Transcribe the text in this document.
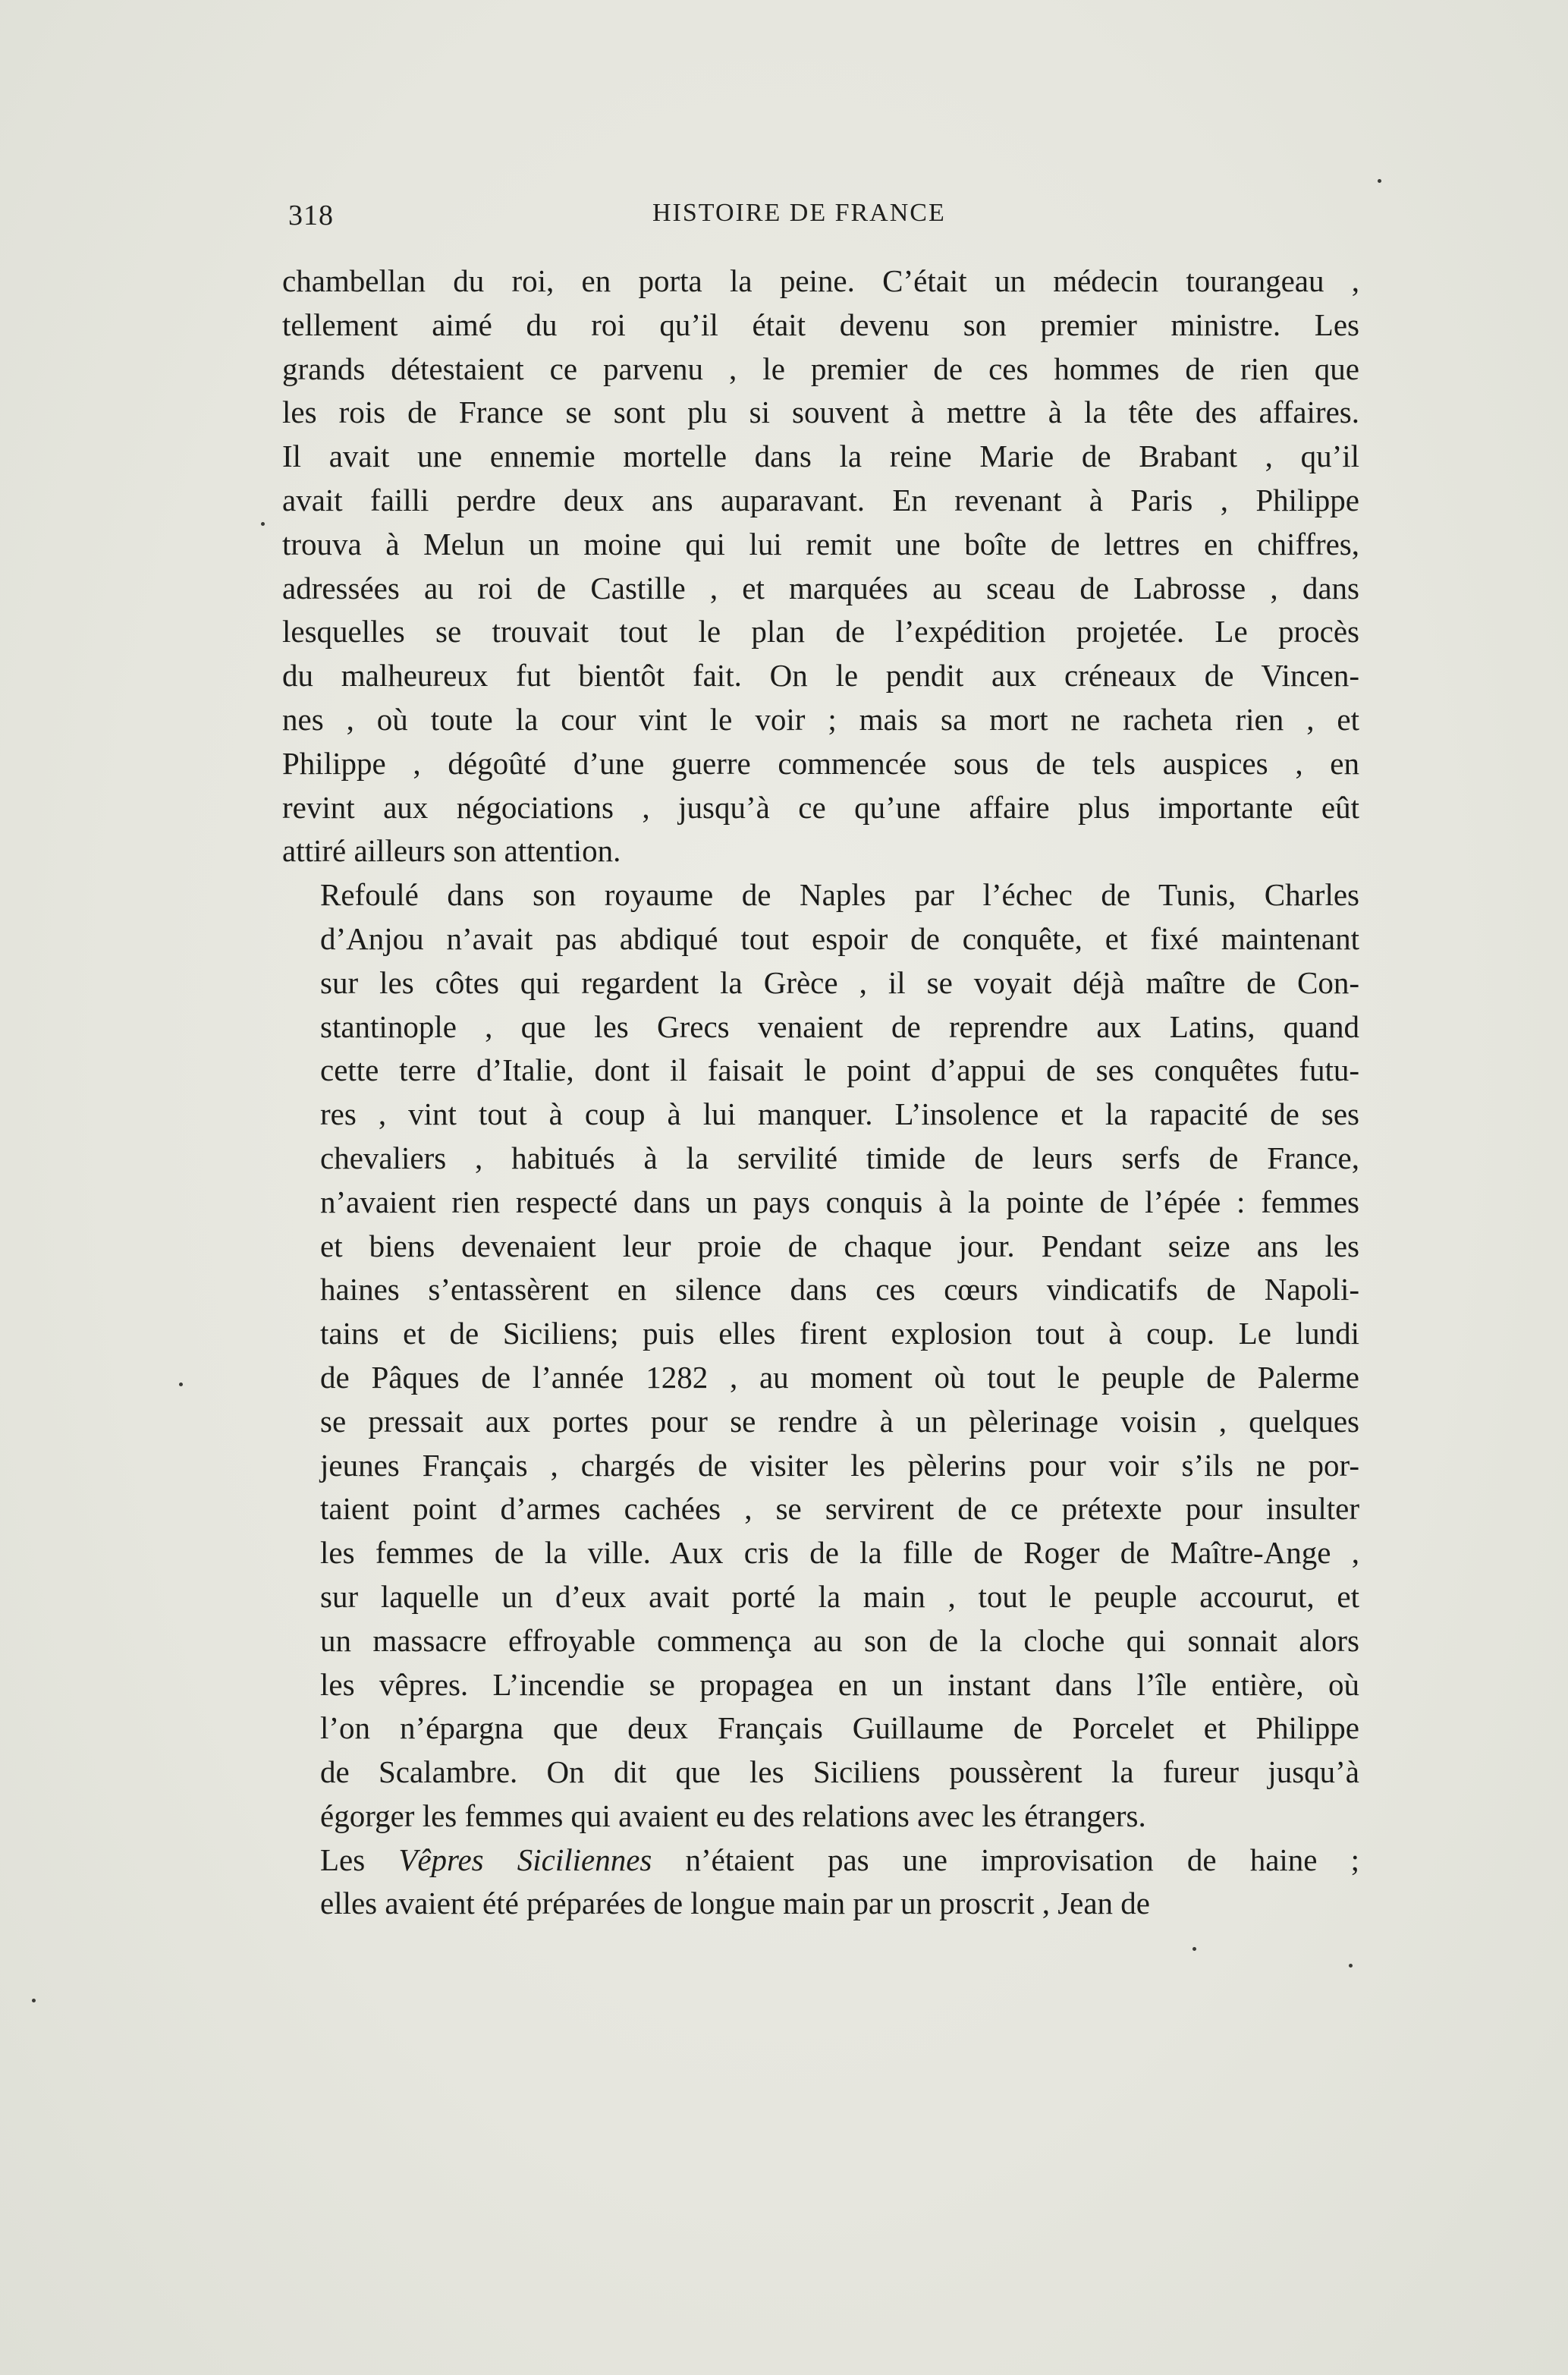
318	HISTOIRE DE FRANCE
chambellan du roi, en porta la peine. C’était un médecin tourangeau ,
tellement aimé du roi qu’il était devenu son premier ministre. Les
grands détestaient ce parvenu , le premier de ces hommes de rien que
les rois de France se sont plu si souvent à mettre à la tête des affaires.
Il avait une ennemie mortelle dans la reine Marie de Brabant , qu’il
avait failli perdre deux ans auparavant. En revenant à Paris , Philippe
trouva à Melun un moine qui lui remit une boîte de lettres en chiffres,
adressées au roi de Castille , et marquées au sceau de Labrosse , dans
lesquelles se trouvait tout le plan de l’expédition projetée. Le procès
du malheureux fut bientôt fait. On le pendit aux créneaux de Vincen-
nes , où toute la cour vint le voir ; mais sa mort ne racheta rien , et
Philippe , dégoûté d’une guerre commencée sous de tels auspices , en
revint aux négociations , jusqu’à ce qu’une affaire plus importante eût
attiré ailleurs son attention.
Refoulé dans son royaume de Naples par l’échec de Tunis, Charles
d’Anjou n’avait pas abdiqué tout espoir de conquête, et fixé maintenant
sur les côtes qui regardent la Grèce , il se voyait déjà maître de Con-
stantinople , que les Grecs venaient de reprendre aux Latins, quand
cette terre d’Italie, dont il faisait le point d’appui de ses conquêtes futu-
res , vint tout à coup à lui manquer. L’insolence et la rapacité de ses
chevaliers , habitués à la servilité timide de leurs serfs de France,
n’avaient rien respecté dans un pays conquis à la pointe de l’épée : femmes
et biens devenaient leur proie de chaque jour. Pendant seize ans les
haines s’entassèrent en silence dans ces cœurs vindicatifs de Napoli-
tains et de Siciliens; puis elles firent explosion tout à coup. Le lundi
de Pâques de l’année 1282 , au moment où tout le peuple de Palerme
se pressait aux portes pour se rendre à un pèlerinage voisin , quelques
jeunes Français , chargés de visiter les pèlerins pour voir s’ils ne por-
taient point d’armes cachées , se servirent de ce prétexte pour insulter
les femmes de la ville. Aux cris de la fille de Roger de Maître-Ange ,
sur laquelle un d’eux avait porté la main , tout le peuple accourut, et
un massacre effroyable commença au son de la cloche qui sonnait alors
les vêpres. L’incendie se propagea en un instant dans l’île entière, où
l’on n’épargna que deux Français Guillaume de Porcelet et Philippe
de Scalambre. On dit que les Siciliens poussèrent la fureur jusqu’à
égorger les femmes qui avaient eu des relations avec les étrangers.
Les Vêpres Siciliennes n’étaient pas une improvisation de haine ;
elles avaient été préparées de longue main par un proscrit , Jean de
